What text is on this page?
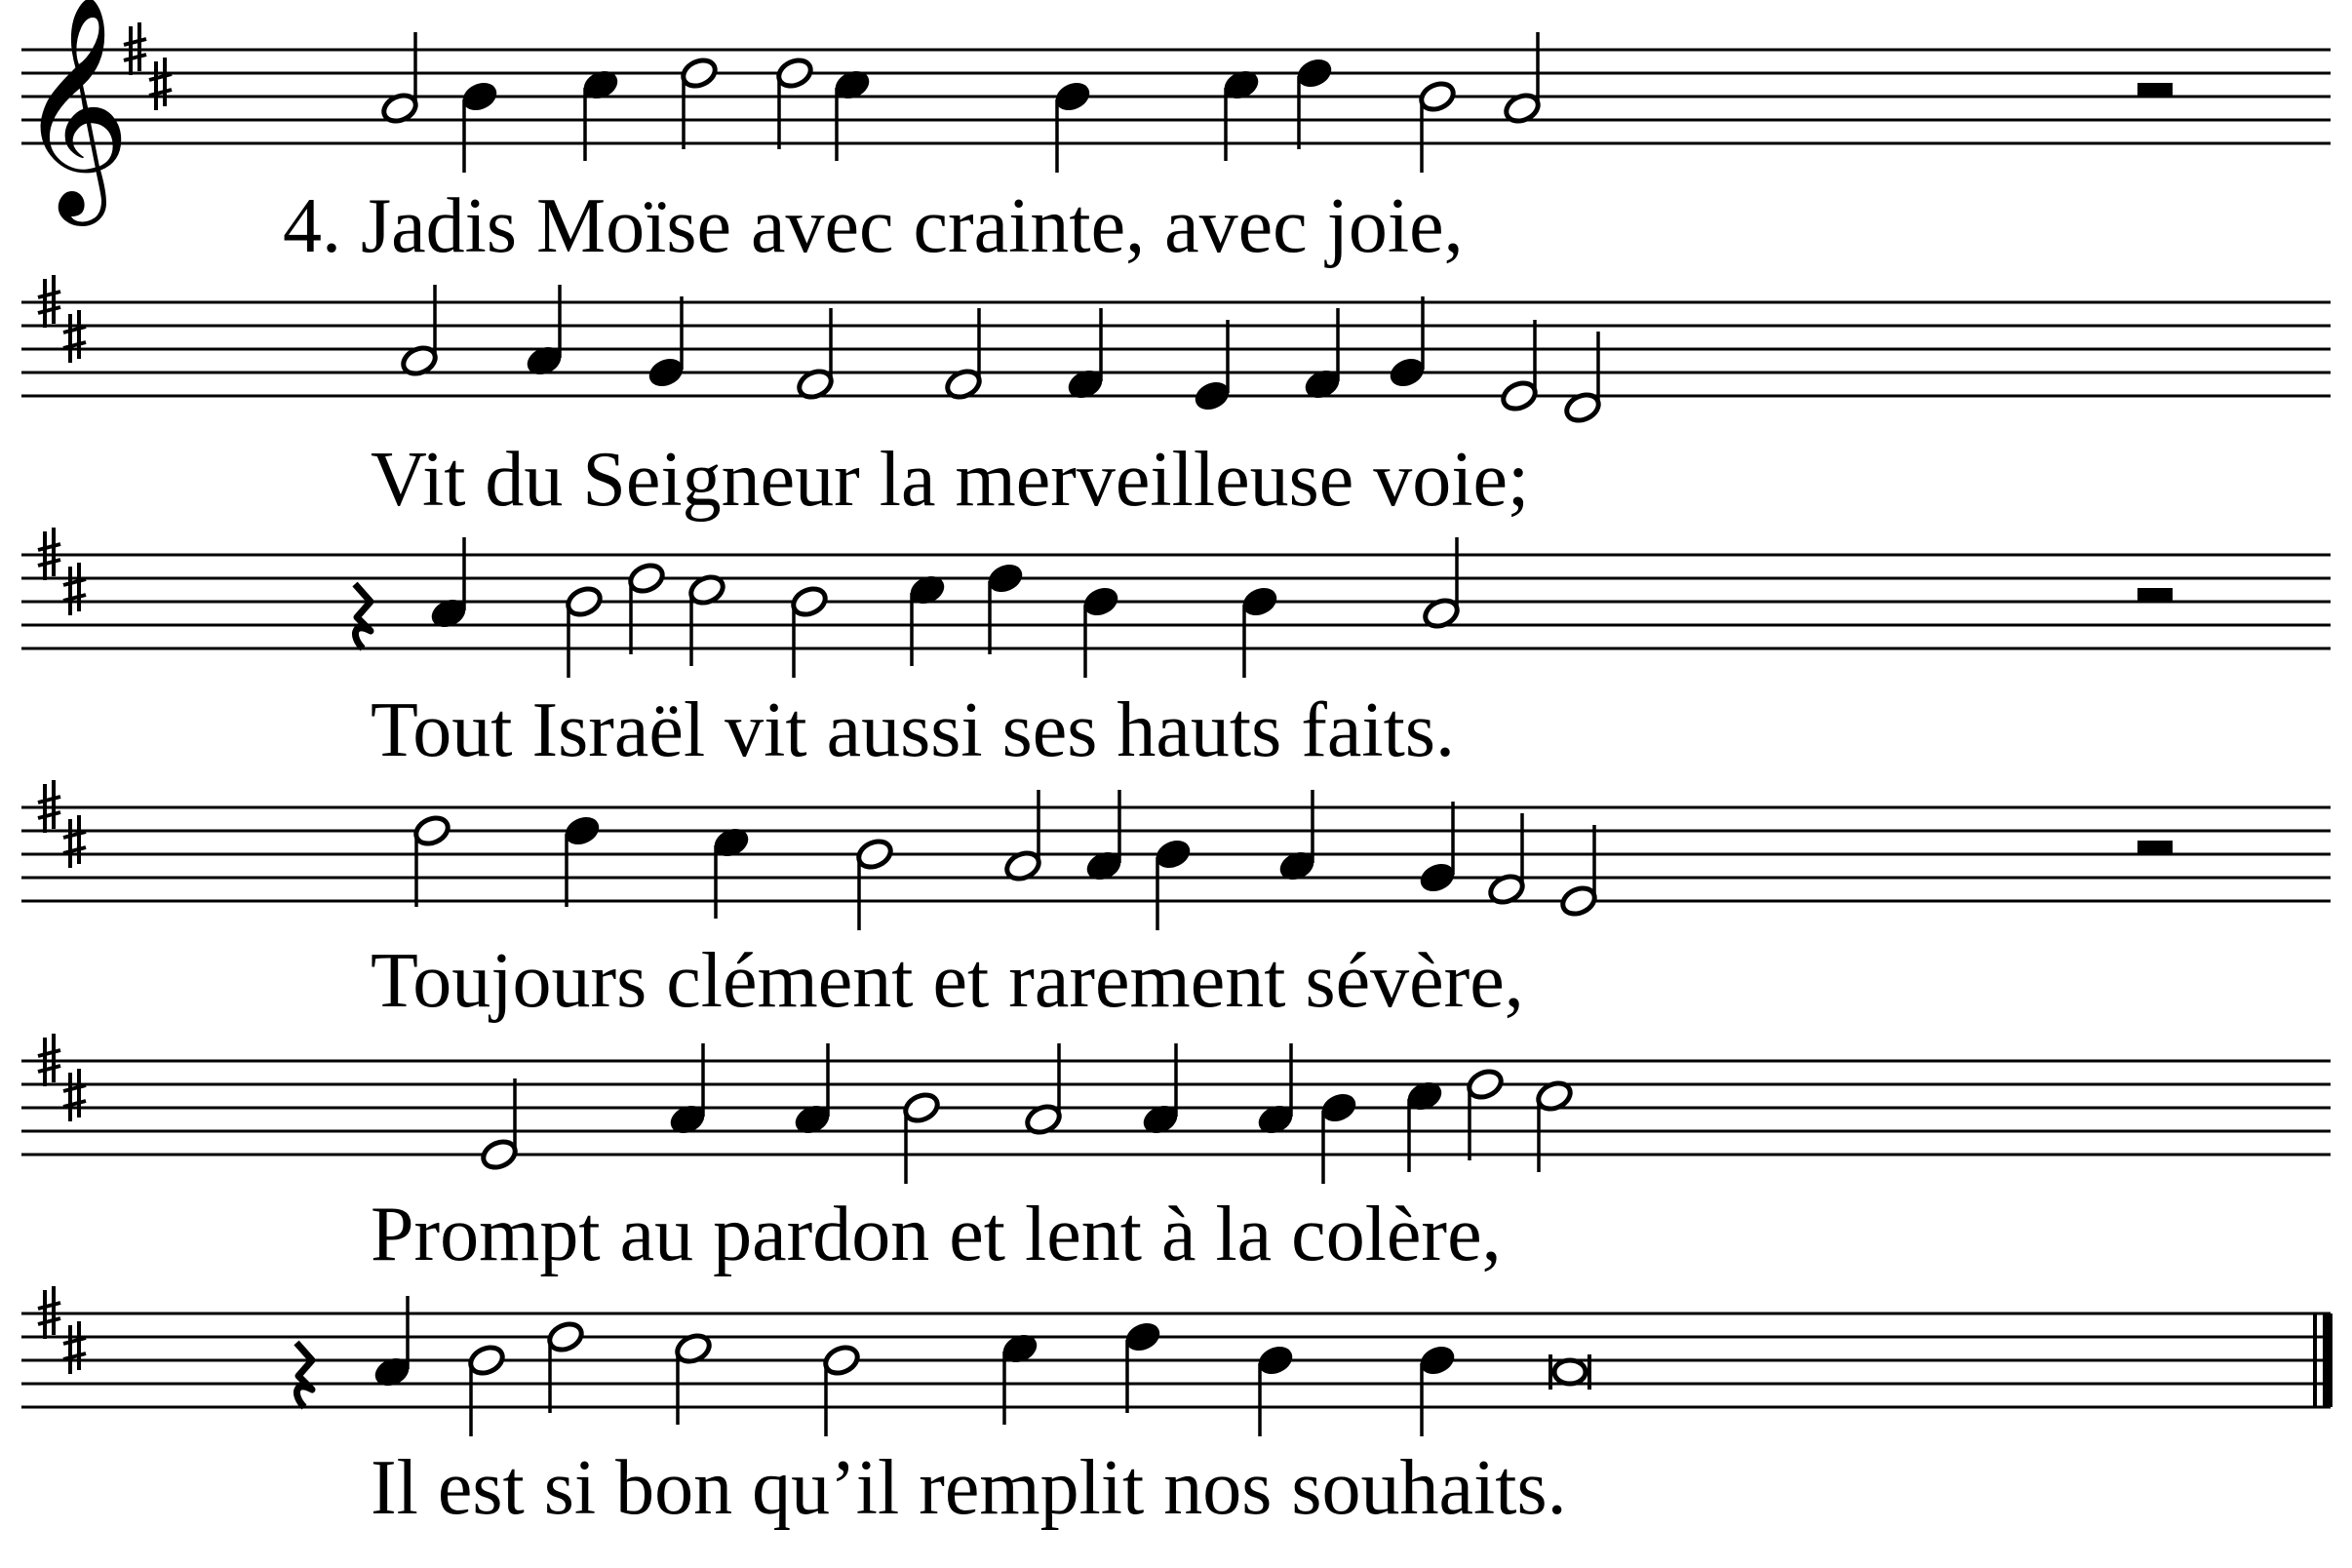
𝄞
4. Jadis Moïse avec crainte, avec joie,
Vit du Seigneur la merveilleuse voie;
Tout Israël vit aussi ses hauts faits.
Toujours clément et rarement sévère,
Prompt au pardon et lent à la colère,
Il est si bon qu’il remplit nos souhaits.
